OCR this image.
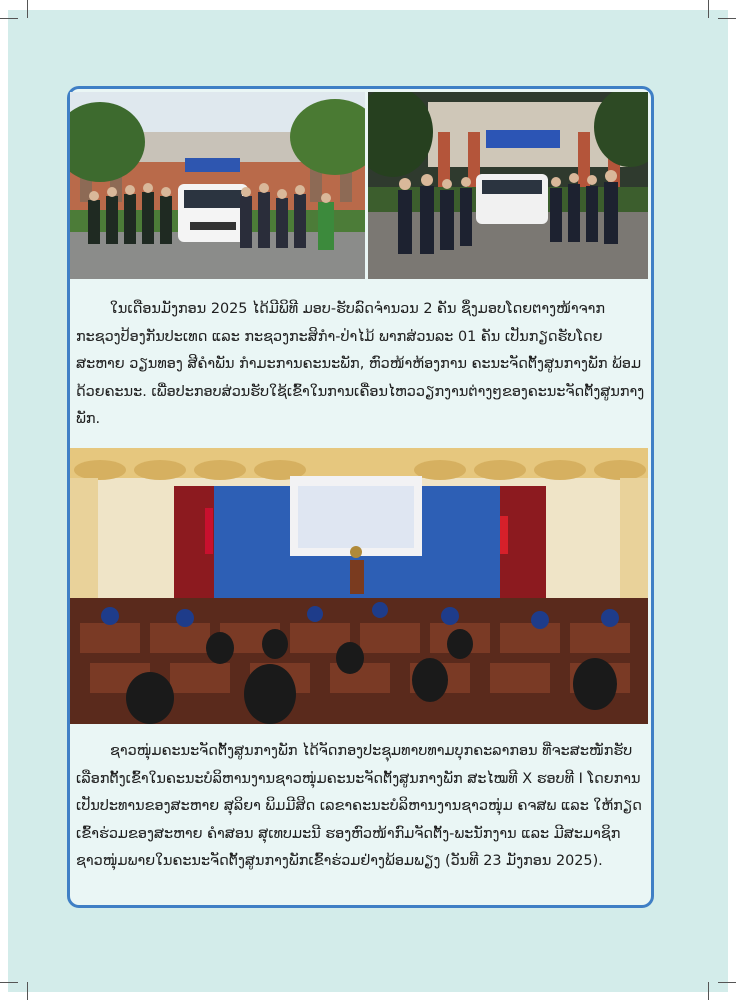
ໃນເດືອນມັງກອນ 2025 ໄດ້ມີພິທີ ມອບ-ຮັບລົດຈຳນວນ 2 ຄັນ ຊຶ່ງມອບໂດຍຕາງໜ້າຈາກກະຊວງປ້ອງກັນປະເທດ ແລະ ກະຊວງກະສິກຳ-ປ່າໄມ້ ພາກສ່ວນລະ 01 ຄັນ ເປັນກຽດຮັບໂດຍ ສະຫາຍ ວຽນທອງ ສີຄຳພັນ ກຳມະການຄະນະພັກ, ຫົວໜ້າຫ້ອງການ ຄະນະຈັດຕັ້ງສູນກາງພັກ ພ້ອມດ້ວຍຄະນະ. ເພື່ອປະກອບສ່ວນຮັບໃຊ້ເຂົ້າໃນການເຄື່ອນໄຫວວຽກງານຕ່າງໆຂອງຄະນະຈັດຕັ້ງສູນກາງພັກ.

ຊາວໜຸ່ມຄະນະຈັດຕັ້ງສູນກາງພັກ ໄດ້ຈັດກອງປະຊຸມທາບທາມບຸກຄະລາກອນ ທີ່ຈະສະໜັກຮັບເລືອກຕັ້ງເຂົ້າໃນຄະນະບໍລິຫານງານຊາວໜຸ່ມຄະນະຈັດຕັ້ງສູນກາງພັກ ສະໄໝທີ X ຮອບທີ I ໂດຍການເປັນປະທານຂອງສະຫາຍ ສຸລິຍາ ພິມມີສິດ ເລຂາຄະນະບໍລິຫານງານຊາວໜຸ່ມ ຄຈສພ ແລະ ໃຫ້ກຽດເຂົ້າຮ່ວມຂອງສະຫາຍ ຄຳສອນ ສຸເທບມະນີ ຮອງຫົວໜ້າກົມຈັດຕັ້ງ-ພະນັກງານ ແລະ ມີສະມາຊິກຊາວໜຸ່ມພາຍໃນຄະນະຈັດຕັ້ງສູນກາງພັກເຂົ້າຮ່ວມຢ່າງພ້ອມພຽງ (ວັນທີ 23 ມັງກອນ 2025).
